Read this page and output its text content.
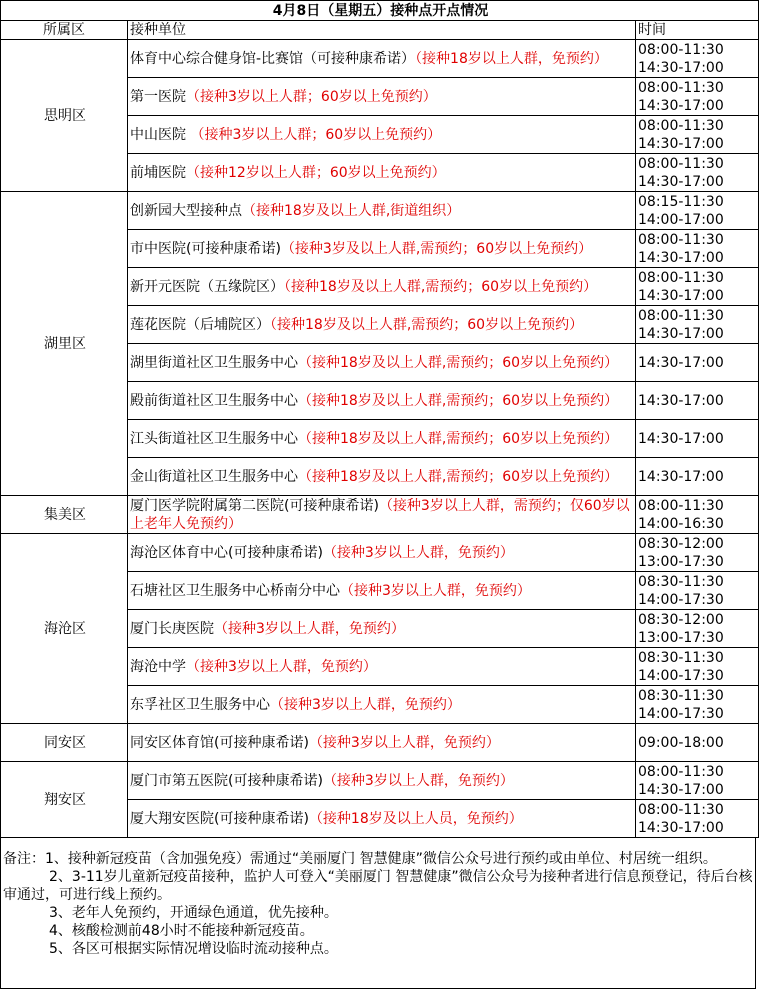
4月8日（星期五）接种点开点情况		
所属区	接种单位	时间
思明区	体育中心综合健身馆-比赛馆（可接种康希诺）（接种18岁以上人群，免预约）	08:00-11:30
14:30-17:00

	第一医院（接种3岁以上人群；60岁以上免预约）	08:00-11:30
14:30-17:00

	中山医院 （接种3岁以上人群；60岁以上免预约）	08:00-11:30
14:30-17:00

	前埔医院（接种12岁以上人群；60岁以上免预约）	08:00-11:30
14:30-17:00

湖里区	创新园大型接种点（接种18岁及以上人群,街道组织）	08:15-11:30
14:00-17:00

	市中医院(可接种康希诺)（接种3岁及以上人群,需预约；60岁以上免预约）	08:00-11:30
14:30-17:00

	新开元医院（五缘院区）（接种18岁及以上人群,需预约；60岁以上免预约）	08:00-11:30
14:30-17:00

	莲花医院（后埔院区）（接种18岁及以上人群,需预约；60岁以上免预约）	08:00-11:30
14:30-17:00

	湖里街道社区卫生服务中心（接种18岁及以上人群,需预约；60岁以上免预约）	14:30-17:00

	殿前街道社区卫生服务中心（接种18岁及以上人群,需预约；60岁以上免预约）	14:30-17:00

	江头街道社区卫生服务中心（接种18岁及以上人群,需预约；60岁以上免预约）	14:30-17:00

	金山街道社区卫生服务中心（接种18岁及以上人群,需预约；60岁以上免预约）	14:30-17:00

集美区	厦门医学院附属第二医院(可接种康希诺)（接种3岁以上人群，需预约；仅60岁以上老年人免预约）	08:00-11:30
14:00-16:30

海沧区	海沧区体育中心(可接种康希诺)（接种3岁以上人群，免预约）	08:30-12:00
13:00-17:30

	石塘社区卫生服务中心桥南分中心（接种3岁以上人群，免预约）	08:30-11:30
14:00-17:30

	厦门长庚医院（接种3岁以上人群，免预约）	08:30-12:00
13:00-17:30

	海沧中学（接种3岁以上人群，免预约）	08:30-11:30
14:00-17:30

	东孚社区卫生服务中心（接种3岁以上人群，免预约）	08:30-11:30
14:00-17:30

同安区	同安区体育馆(可接种康希诺)（接种3岁以上人群，免预约）	09:00-18:00

翔安区	厦门市第五医院(可接种康希诺)（接种3岁以上人群，免预约）	08:00-11:30
14:30-17:00

	厦大翔安医院(可接种康希诺)（接种18岁及以上人员，免预约）	08:00-11:30
14:30-17:00

备注：1、接种新冠疫苗（含加强免疫）需通过“美丽厦门 智慧健康”微信公众号进行预约或由单位、村居统一组织。

2、3-11岁儿童新冠疫苗接种，监护人可登入“美丽厦门 智慧健康”微信公众号为接种者进行信息预登记，待后台核审通过，可进行线上预约。

3、老年人免预约，开通绿色通道，优先接种。

4、核酸检测前48小时不能接种新冠疫苗。

5、各区可根据实际情况增设临时流动接种点。
